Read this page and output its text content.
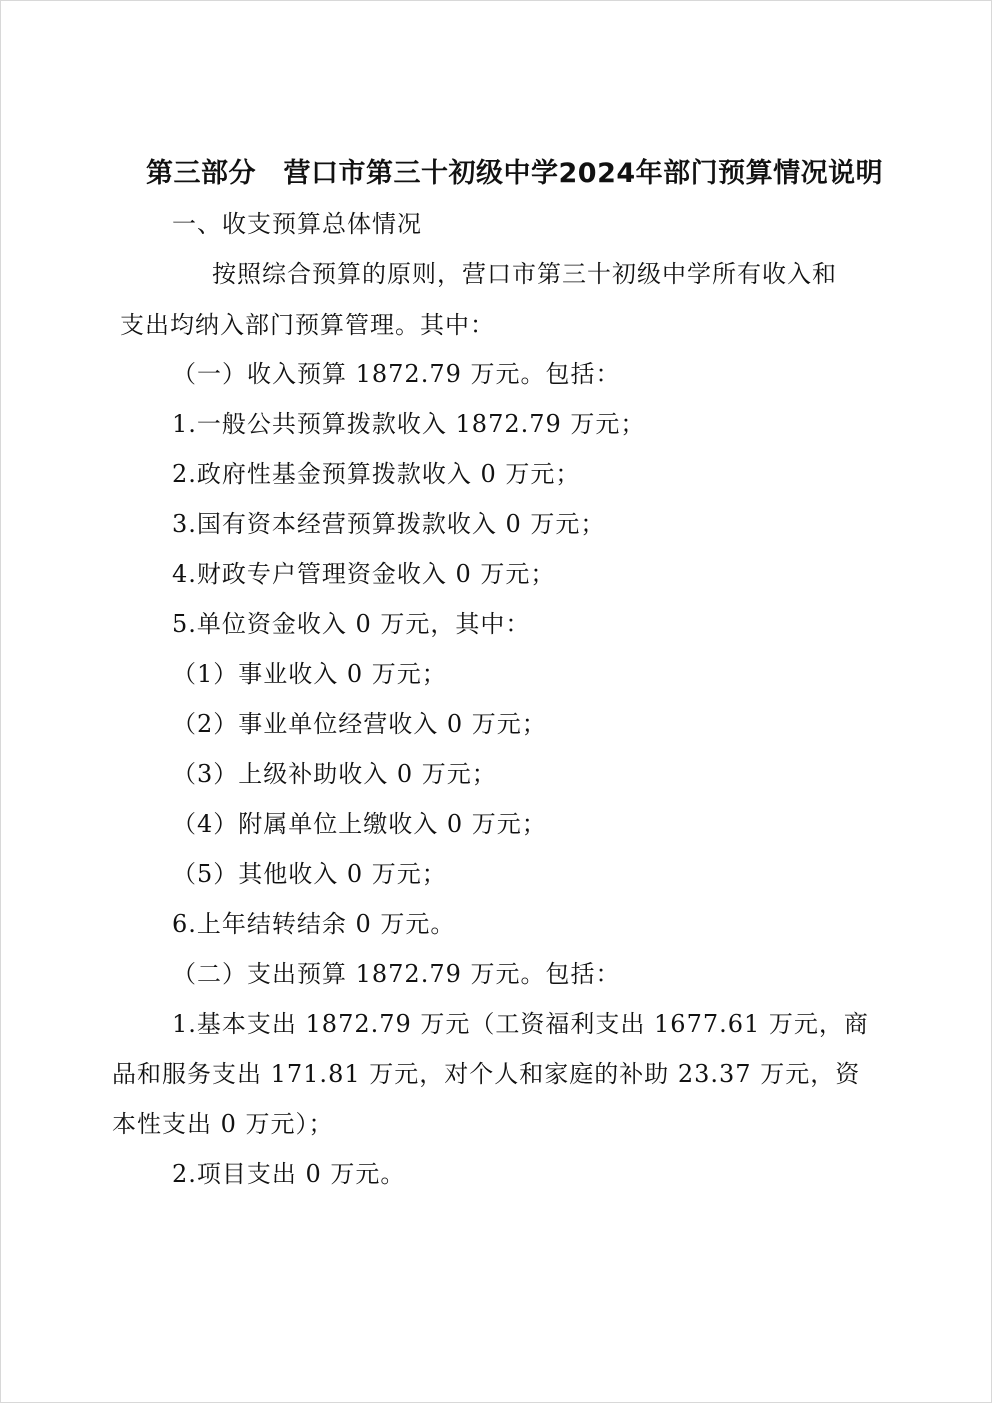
第三部分　营口市第三十初级中学2024年部门预算情况说明
一、收支预算总体情况
按照综合预算的原则，营口市第三十初级中学所有收入和
支出均纳入部门预算管理。其中：
（一）收入预算 1872.79 万元。包括：
1.一般公共预算拨款收入 1872.79 万元；
2.政府性基金预算拨款收入 0 万元；
3.国有资本经营预算拨款收入 0 万元；
4.财政专户管理资金收入 0 万元；
5.单位资金收入 0 万元，其中：
（1）事业收入 0 万元；
（2）事业单位经营收入 0 万元；
（3）上级补助收入 0 万元；
（4）附属单位上缴收入 0 万元；
（5）其他收入 0 万元；
6.上年结转结余 0 万元。
（二）支出预算 1872.79 万元。包括：
1.基本支出 1872.79 万元（工资福利支出 1677.61 万元，商
品和服务支出 171.81 万元，对个人和家庭的补助 23.37 万元，资
本性支出 0 万元）；
2.项目支出 0 万元。
